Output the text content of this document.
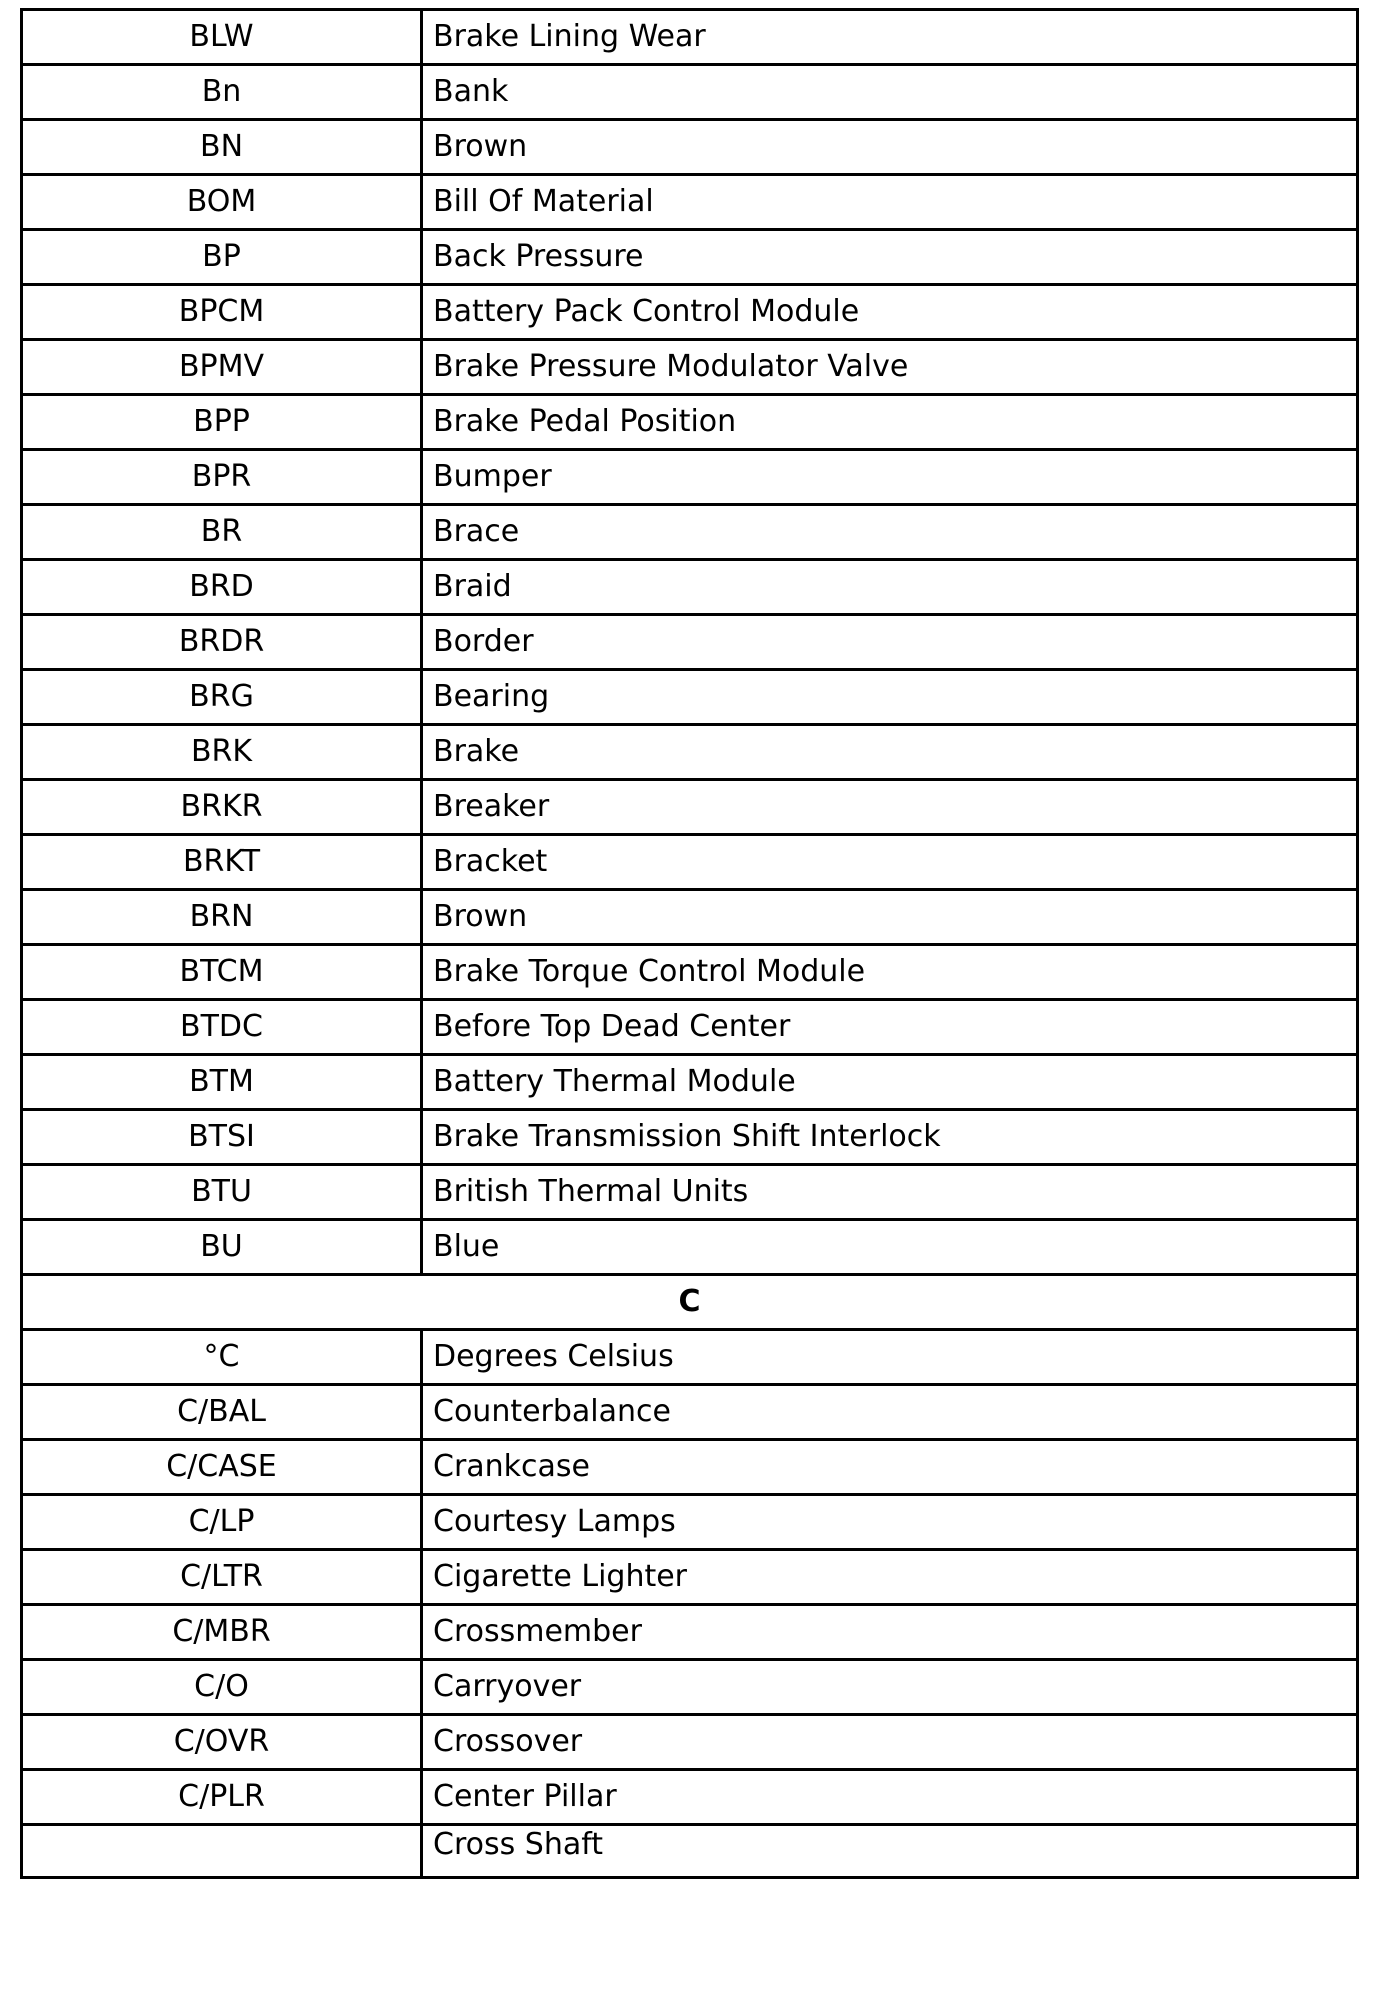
BLW	Brake Lining Wear
Bn	Bank
BN	Brown
BOM	Bill Of Material
BP	Back Pressure
BPCM	Battery Pack Control Module
BPMV	Brake Pressure Modulator Valve
BPP	Brake Pedal Position
BPR	Bumper
BR	Brace
BRD	Braid
BRDR	Border
BRG	Bearing
BRK	Brake
BRKR	Breaker
BRKT	Bracket
BRN	Brown
BTCM	Brake Torque Control Module
BTDC	Before Top Dead Center
BTM	Battery Thermal Module
BTSI	Brake Transmission Shift Interlock
BTU	British Thermal Units
BU	Blue
C	
°C	Degrees Celsius
C/BAL	Counterbalance
C/CASE	Crankcase
C/LP	Courtesy Lamps
C/LTR	Cigarette Lighter
C/MBR	Crossmember
C/O	Carryover
C/OVR	Crossover
C/PLR	Center Pillar
	Cross Shaft
